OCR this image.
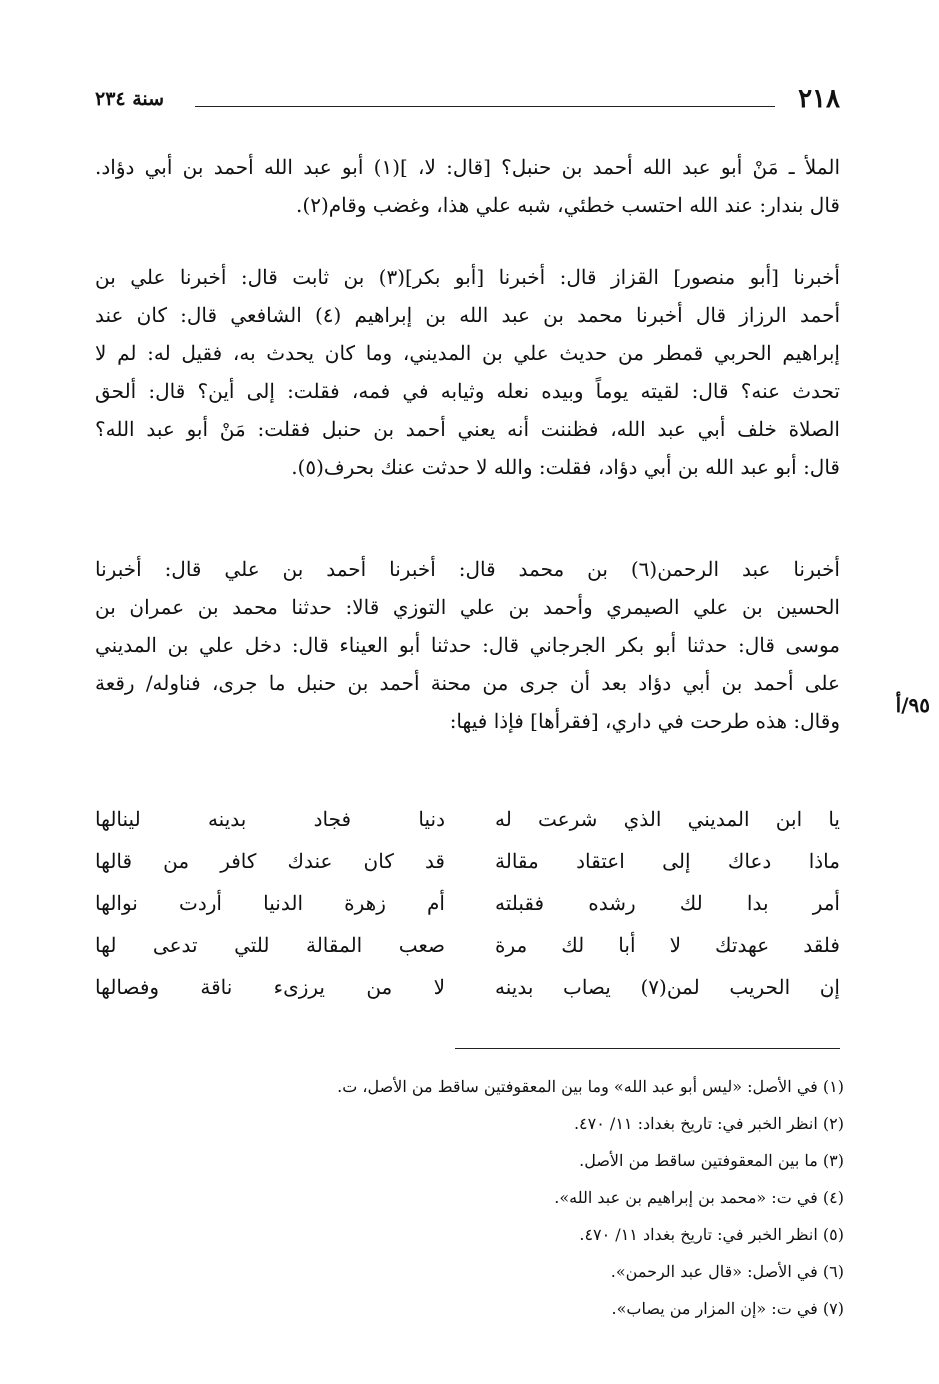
٢١٨
سنة ٢٣٤
الملأ ـ مَنْ أبو عبد الله أحمد بن حنبل؟ [قال: لا، ](١) أبو عبد الله أحمد بن أبي دؤاد.
قال بندار: عند الله احتسب خطئي، شبه علي هذا، وغضب وقام(٢).
أخبرنا [أبو منصور] القزاز قال: أخبرنا [أبو بكر](٣) بن ثابت قال: أخبرنا علي بن
أحمد الرزاز قال أخبرنا محمد بن عبد الله بن إبراهيم (٤) الشافعي قال: كان عند
إبراهيم الحربي قمطر من حديث علي بن المديني، وما كان يحدث به، فقيل له: لم لا
تحدث عنه؟ قال: لقيته يوماً وبيده نعله وثيابه في فمه، فقلت: إلى أين؟ قال: ألحق
الصلاة خلف أبي عبد الله، فظننت أنه يعني أحمد بن حنبل فقلت: مَنْ أبو عبد الله؟
قال: أبو عبد الله بن أبي دؤاد، فقلت: والله لا حدثت عنك بحرف(٥).
أخبرنا عبد الرحمن(٦) بن محمد قال: أخبرنا أحمد بن علي قال: أخبرنا
الحسين بن علي الصيمري وأحمد بن علي التوزي قالا: حدثنا محمد بن عمران بن
موسى قال: حدثنا أبو بكر الجرجاني قال: حدثنا أبو العيناء قال: دخل علي بن المديني
على أحمد بن أبي دؤاد بعد أن جرى من محنة أحمد بن حنبل ما جرى، فناوله/ رقعة
وقال: هذه طرحت في داري، [فقرأها] فإذا فيها:
٩٥/أ
يا ابن المديني الذي شرعت له
دنيا فجاد بدينه لينالها
ماذا دعاك إلى اعتقاد مقالة
قد كان عندك كافر من قالها
أمر بدا لك رشده فقبلته
أم زهرة الدنيا أردت نوالها
فلقد عهدتك لا أبا لك مرة
صعب المقالة للتي تدعى لها
إن الحريب لمن(٧) يصاب بدينه
لا من يرزىء ناقة وفصالها
(١) في الأصل: «ليس أبو عبد الله» وما بين المعقوفتين ساقط من الأصل، ت.
(٢) انظر الخبر في: تاريخ بغداد: ١١/ ٤٧٠.
(٣) ما بين المعقوفتين ساقط من الأصل.
(٤) في ت: «محمد بن إبراهيم بن عبد الله».
(٥) انظر الخبر في: تاريخ بغداد ١١/ ٤٧٠.
(٦) في الأصل: «قال عبد الرحمن».
(٧) في ت: «إن المزار من يصاب».
